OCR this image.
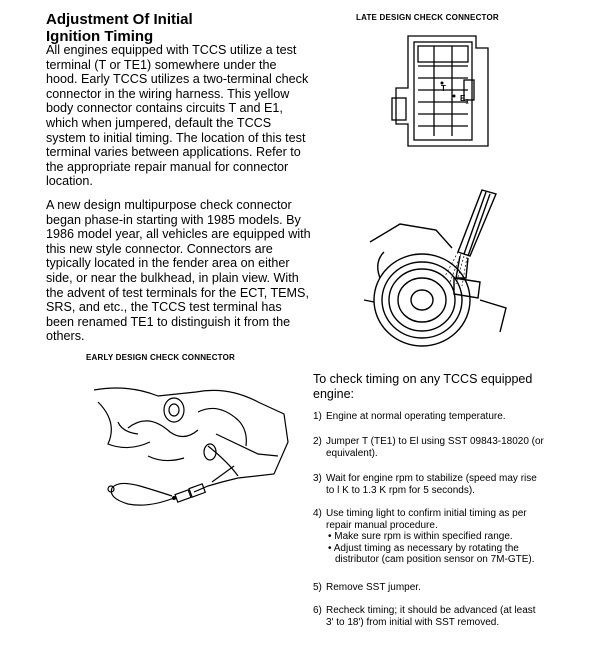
Adjustment Of Initial
Ignition Timing
All engines equipped with TCCS utilize a test terminal (T or TE1) somewhere under the hood. Early TCCS utilizes a two-terminal check connector in the wiring harness. This yellow body connector contains circuits T and E1, which when jumpered, default the TCCS system to initial timing. The location of this test terminal varies between applications. Refer to the appropriate repair manual for connector location.
A new design multipurpose check connector began phase-in starting with 1985 models. By 1986 model year, all vehicles are equipped with this new style connector. Connectors are typically located in the fender area on either side, or near the bulkhead, in plain view. With the advent of test terminals for the ECT, TEMS, SRS, and etc., the TCCS test terminal has been renamed TE1 to distinguish it from the others.
LATE DESIGN CHECK CONNECTOR
T
$E_1$
EARLY DESIGN CHECK CONNECTOR
To check timing on any TCCS equipped engine:
1) Engine at normal operating temperature.
2) Jumper T (TE1) to El using SST 09843-18020 (or
equivalent).
3) Wait for engine rpm to stabilize (speed may rise
to l K to 1.3 K rpm for 5 seconds).
4) Use timing light to confirm initial timing as per
repair manual procedure.
• Make sure rpm is within specified range.
• Adjust timing as necessary by rotating the
distributor (cam position sensor on 7M-GTE).
5) Remove SST jumper.
6) Recheck timing; it should be advanced (at least
3' to 18') from initial with SST removed.
